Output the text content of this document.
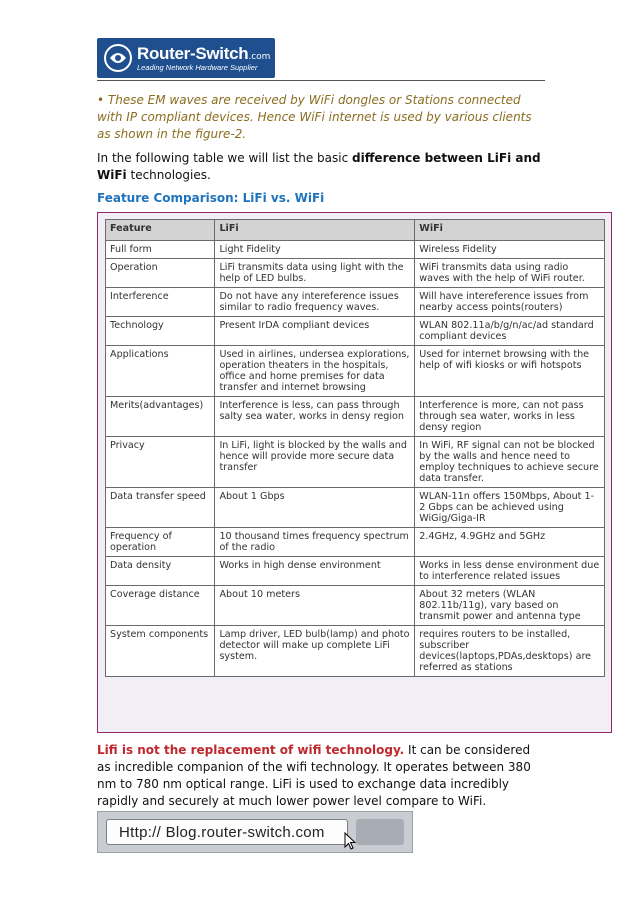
Router-Switch.com
Leading Network Hardware Supplier
• These EM waves are received by WiFi dongles or Stations connected with IP compliant devices. Hence WiFi internet is used by various clients as shown in the figure-2.
In the following table we will list the basic difference between LiFi and WiFi technologies.
Feature Comparison: LiFi vs. WiFi
Feature	LiFi	WiFi
Full form	Light Fidelity	Wireless Fidelity
Operation	LiFi transmits data using light with the help of LED bulbs.	WiFi transmits data using radio waves with the help of WiFi router.
Interference	Do not have any intereference issues similar to radio frequency waves.	Will have intereference issues from nearby access points(routers)
Technology	Present IrDA compliant devices	WLAN 802.11a/b/g/n/ac/ad standard compliant devices
Applications	Used in airlines, undersea explorations, operation theaters in the hospitals, office and home premises for data transfer and internet browsing	Used for internet browsing with the help of wifi kiosks or wifi hotspots
Merits(advantages)	Interference is less, can pass through salty sea water, works in densy region	Interference is more, can not pass through sea water, works in less densy region
Privacy	In LiFi, light is blocked by the walls and hence will provide more secure data transfer	In WiFi, RF signal can not be blocked by the walls and hence need to employ techniques to achieve secure data transfer.
Data transfer speed	About 1 Gbps	WLAN-11n offers 150Mbps, About 1-2 Gbps can be achieved using WiGig/Giga-IR
Frequency of operation	10 thousand times frequency spectrum of the radio	2.4GHz, 4.9GHz and 5GHz
Data density	Works in high dense environment	Works in less dense environment due to interference related issues
Coverage distance	About 10 meters	About 32 meters (WLAN 802.11b/11g), vary based on transmit power and antenna type
System components	Lamp driver, LED bulb(lamp) and photo detector will make up complete LiFi system.	requires routers to be installed, subscriber devices(laptops,PDAs,desktops) are referred as stations
Lifi is not the replacement of wifi technology. It can be considered as incredible companion of the wifi technology. It operates between 380 nm to 780 nm optical range. LiFi is used to exchange data incredibly rapidly and securely at much lower power level compare to WiFi.
Http:// Blog.router-switch.com
